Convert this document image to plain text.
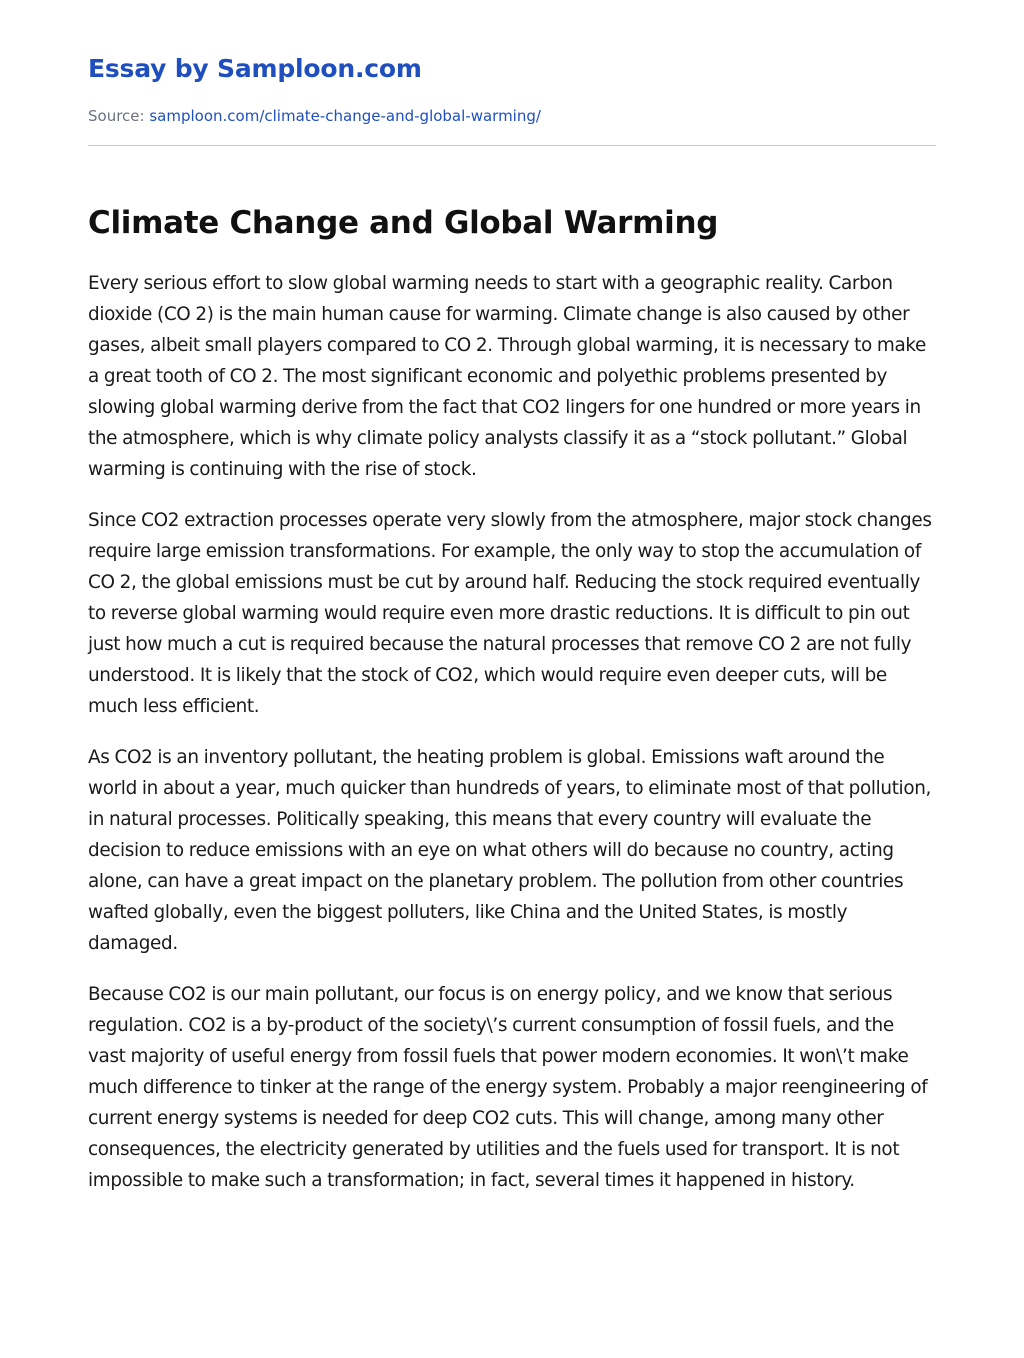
Essay by Samploon.com
Source: samploon.com/climate-change-and-global-warming/
Climate Change and Global Warming

Every serious effort to slow global warming needs to start with a geographic reality. Carbon dioxide (CO 2) is the main human cause for warming. Climate change is also caused by other gases, albeit small players compared to CO 2. Through global warming, it is necessary to make a great tooth of CO 2. The most significant economic and polyethic problems presented by slowing global warming derive from the fact that CO2 lingers for one hundred or more years in the atmosphere, which is why climate policy analysts classify it as a “stock pollutant.” Global warming is continuing with the rise of stock.

Since CO2 extraction processes operate very slowly from the atmosphere, major stock changes require large emission transformations. For example, the only way to stop the accumulation of CO 2, the global emissions must be cut by around half. Reducing the stock required eventually to reverse global warming would require even more drastic reductions. It is difficult to pin out just how much a cut is required because the natural processes that remove CO 2 are not fully understood. It is likely that the stock of CO2, which would require even deeper cuts, will be much less efficient.

As CO2 is an inventory pollutant, the heating problem is global. Emissions waft around the world in about a year, much quicker than hundreds of years, to eliminate most of that pollution, in natural processes. Politically speaking, this means that every country will evaluate the decision to reduce emissions with an eye on what others will do because no country, acting alone, can have a great impact on the planetary problem. The pollution from other countries wafted globally, even the biggest polluters, like China and the United States, is mostly damaged.

Because CO2 is our main pollutant, our focus is on energy policy, and we know that serious regulation. CO2 is a by-product of the society\’s current consumption of fossil fuels, and the vast majority of useful energy from fossil fuels that power modern economies. It won\’t make much difference to tinker at the range of the energy system. Probably a major reengineering of current energy systems is needed for deep CO2 cuts. This will change, among many other consequences, the electricity generated by utilities and the fuels used for transport. It is not impossible to make such a transformation; in fact, several times it happened in history.
